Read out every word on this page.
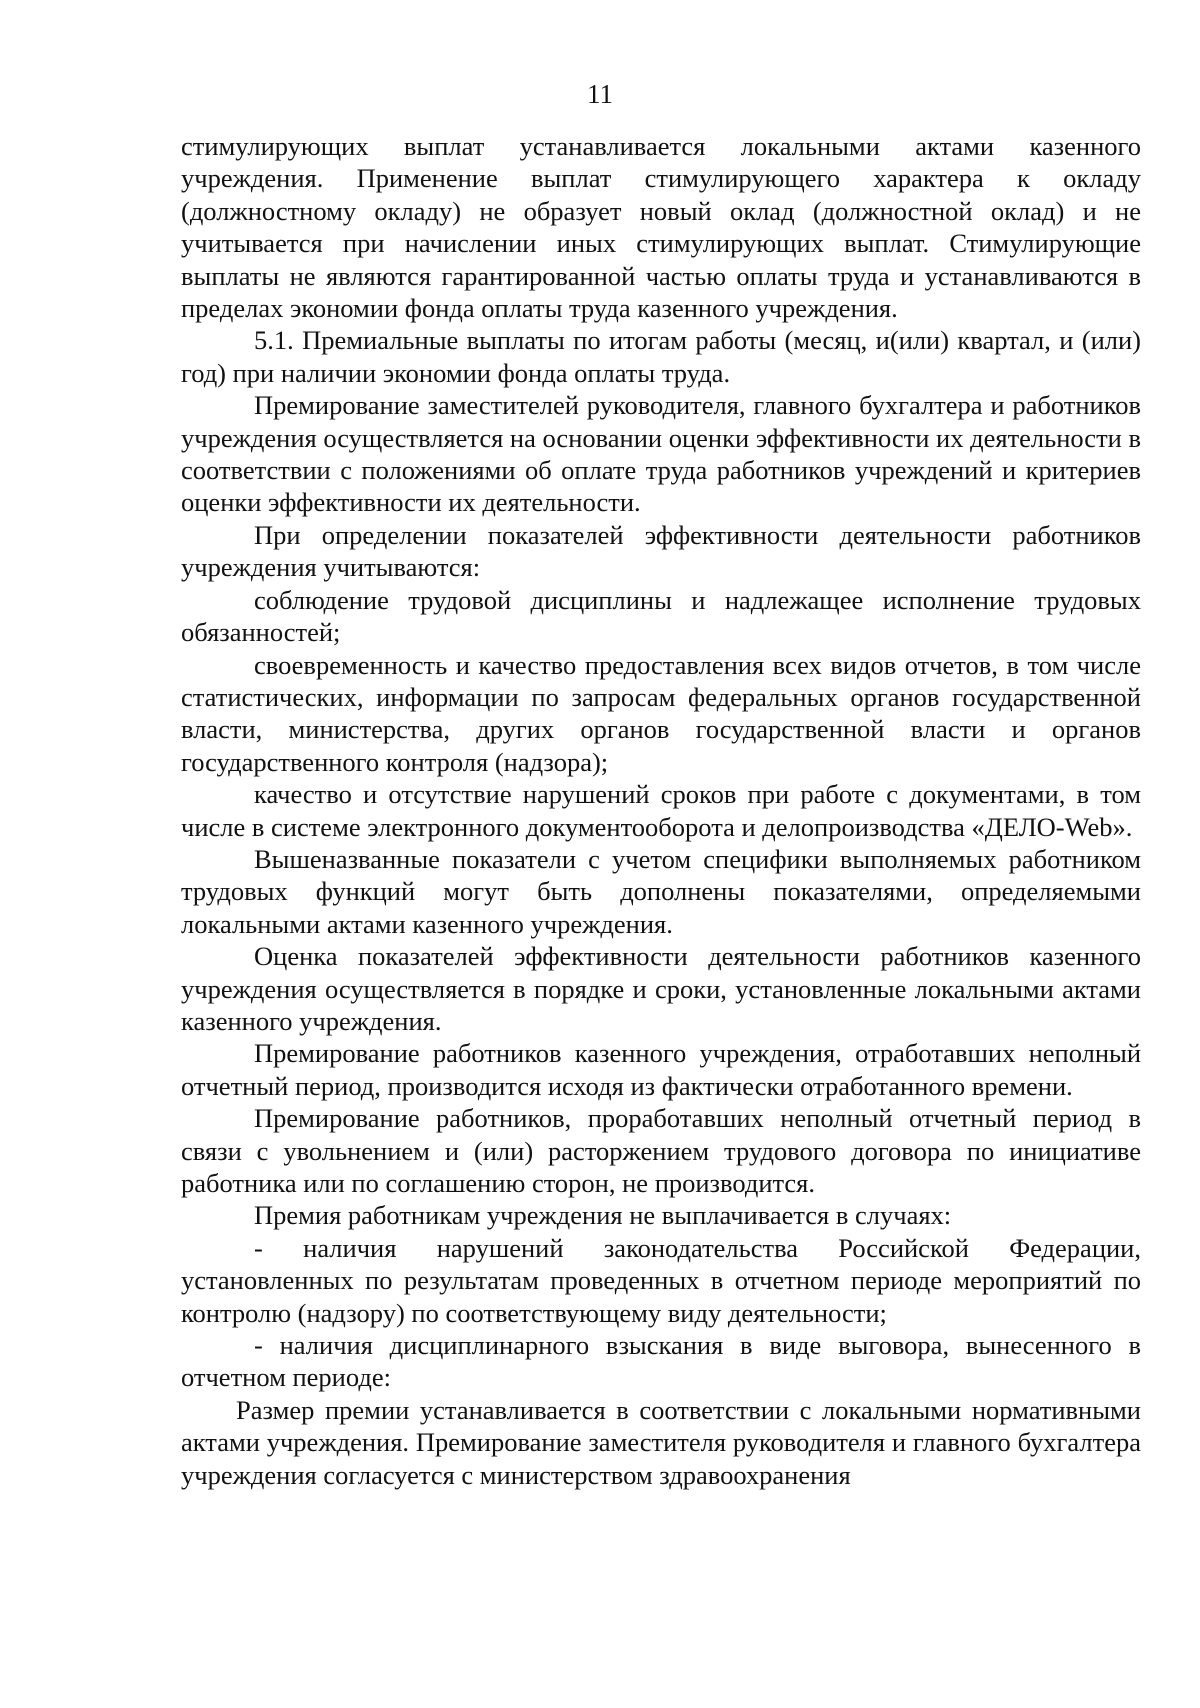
11

стимулирующих выплат устанавливается локальными актами казенного учреждения. Применение выплат стимулирующего характера к окладу (должностному окладу) не образует новый оклад (должностной оклад) и не учитывается при начислении иных стимулирующих выплат. Стимулирующие выплаты не являются гарантированной частью оплаты труда и устанавливаются в пределах экономии фонда оплаты труда казенного учреждения.

5.1. Премиальные выплаты по итогам работы (месяц, и(или) квартал, и (или) год) при наличии экономии фонда оплаты труда.

Премирование заместителей руководителя, главного бухгалтера и работников учреждения осуществляется на основании оценки эффективности их деятельности в соответствии с положениями об оплате труда работников учреждений и критериев оценки эффективности их деятельности.

При определении показателей эффективности деятельности работников учреждения учитываются:

соблюдение трудовой дисциплины и надлежащее исполнение трудовых обязанностей;

своевременность и качество предоставления всех видов отчетов, в том числе статистических, информации по запросам федеральных органов государственной власти, министерства, других органов государственной власти и органов государственного контроля (надзора);

качество и отсутствие нарушений сроков при работе с документами, в том числе в системе электронного документооборота и делопроизводства «ДЕЛО-Web».

Вышеназванные показатели с учетом специфики выполняемых работником трудовых функций могут быть дополнены показателями, определяемыми локальными актами казенного учреждения.

Оценка показателей эффективности деятельности работников казенного учреждения осуществляется в порядке и сроки, установленные локальными актами казенного учреждения.

Премирование работников казенного учреждения, отработавших неполный отчетный период, производится исходя из фактически отработанного времени.

Премирование работников, проработавших неполный отчетный период в связи с увольнением и (или) расторжением трудового договора по инициативе работника или по соглашению сторон, не производится.

Премия работникам учреждения не выплачивается в случаях:

- наличия нарушений законодательства Российской Федерации, установленных по результатам проведенных в отчетном периоде мероприятий по контролю (надзору) по соответствующему виду деятельности;

- наличия дисциплинарного взыскания в виде выговора, вынесенного в отчетном периоде:

Размер премии устанавливается в соответствии с локальными нормативными актами учреждения. Премирование заместителя руководителя и главного бухгалтера учреждения согласуется с министерством здравоохранения
